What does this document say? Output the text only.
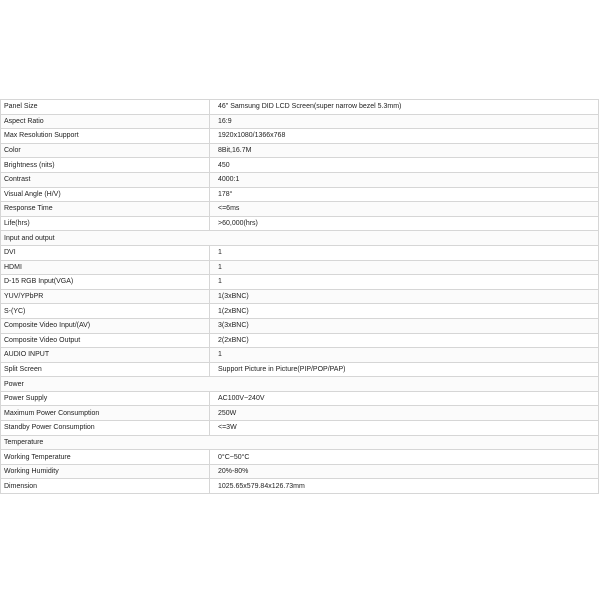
Panel Size	46" Samsung DID LCD Screen(super narrow bezel 5.3mm)
Aspect Ratio	16:9
Max Resolution Support	1920x1080/1366x768
Color	8Bit,16.7M
Brightness (nits)	450
Contrast	4000:1
Visual Angle (H/V)	178°
Response Time	<=6ms
Life(hrs)	>60,000(hrs)
Input and output	
DVI	1
HDMI	1
D-15 RGB Input(VGA)	1
YUV/YPbPR	1(3xBNC)
S-(YC)	1(2xBNC)
Composite Video Input/(AV)	3(3xBNC)
Composite Video Output	2(2xBNC)
AUDIO INPUT	1
Split Screen	Support Picture in Picture(PIP/POP/PAP)
Power	
Power Supply	AC100V~240V
Maximum Power Consumption	250W
Standby Power Consumption	<=3W
Temperature	
Working Temperature	0°C~50°C
Working Humidity	20%-80%
Dimension	1025.65x579.84x126.73mm
